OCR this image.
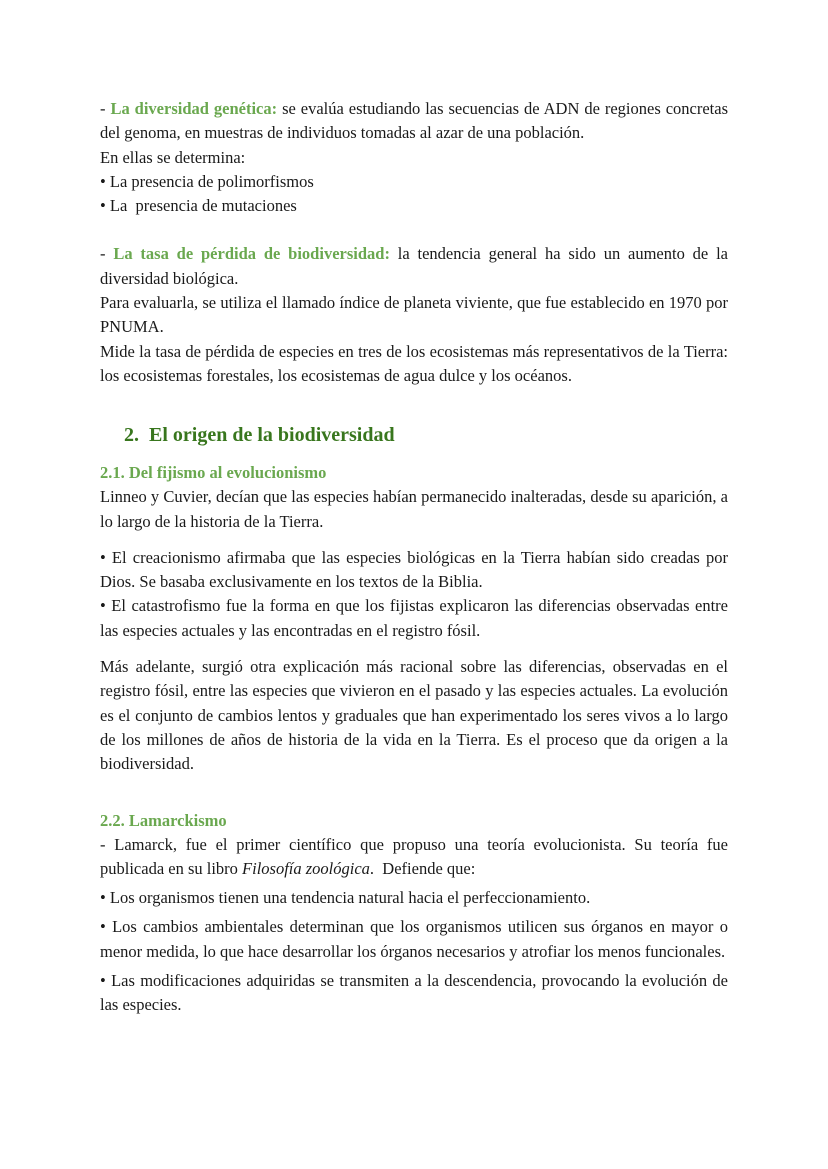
- La diversidad genética: se evalúa estudiando las secuencias de ADN de regiones concretas del genoma, en muestras de individuos tomadas al azar de una población.

En ellas se determina:

• La presencia de polimorfismos

• La  presencia de mutaciones

- La tasa de pérdida de biodiversidad: la tendencia general ha sido un aumento de la diversidad biológica.

Para evaluarla, se utiliza el llamado índice de planeta viviente, que fue establecido en 1970 por PNUMA.

Mide la tasa de pérdida de especies en tres de los ecosistemas más representativos de la Tierra: los ecosistemas forestales, los ecosistemas de agua dulce y los océanos.

2.  El origen de la biodiversidad
2.1. Del fijismo al evolucionismo

Linneo y Cuvier, decían que las especies habían permanecido inalteradas, desde su aparición, a lo largo de la historia de la Tierra.

• El creacionismo afirmaba que las especies biológicas en la Tierra habían sido creadas por Dios. Se basaba exclusivamente en los textos de la Biblia.

• El catastrofismo fue la forma en que los fijistas explicaron las diferencias observadas entre las especies actuales y las encontradas en el registro fósil.

Más adelante, surgió otra explicación más racional sobre las diferencias, observadas en el registro fósil, entre las especies que vivieron en el pasado y las especies actuales. La evolución es el conjunto de cambios lentos y graduales que han experimentado los seres vivos a lo largo de los millones de años de historia de la vida en la Tierra. Es el proceso que da origen a la biodiversidad.

2.2. Lamarckismo

- Lamarck, fue el primer científico que propuso una teoría evolucionista. Su teoría fue publicada en su libro Filosofía zoológica.  Defiende que:

• Los organismos tienen una tendencia natural hacia el perfeccionamiento.

• Los cambios ambientales determinan que los organismos utilicen sus órganos en mayor o menor medida, lo que hace desarrollar los órganos necesarios y atrofiar los menos funcionales.

• Las modificaciones adquiridas se transmiten a la descendencia, provocando la evolución de las especies.
